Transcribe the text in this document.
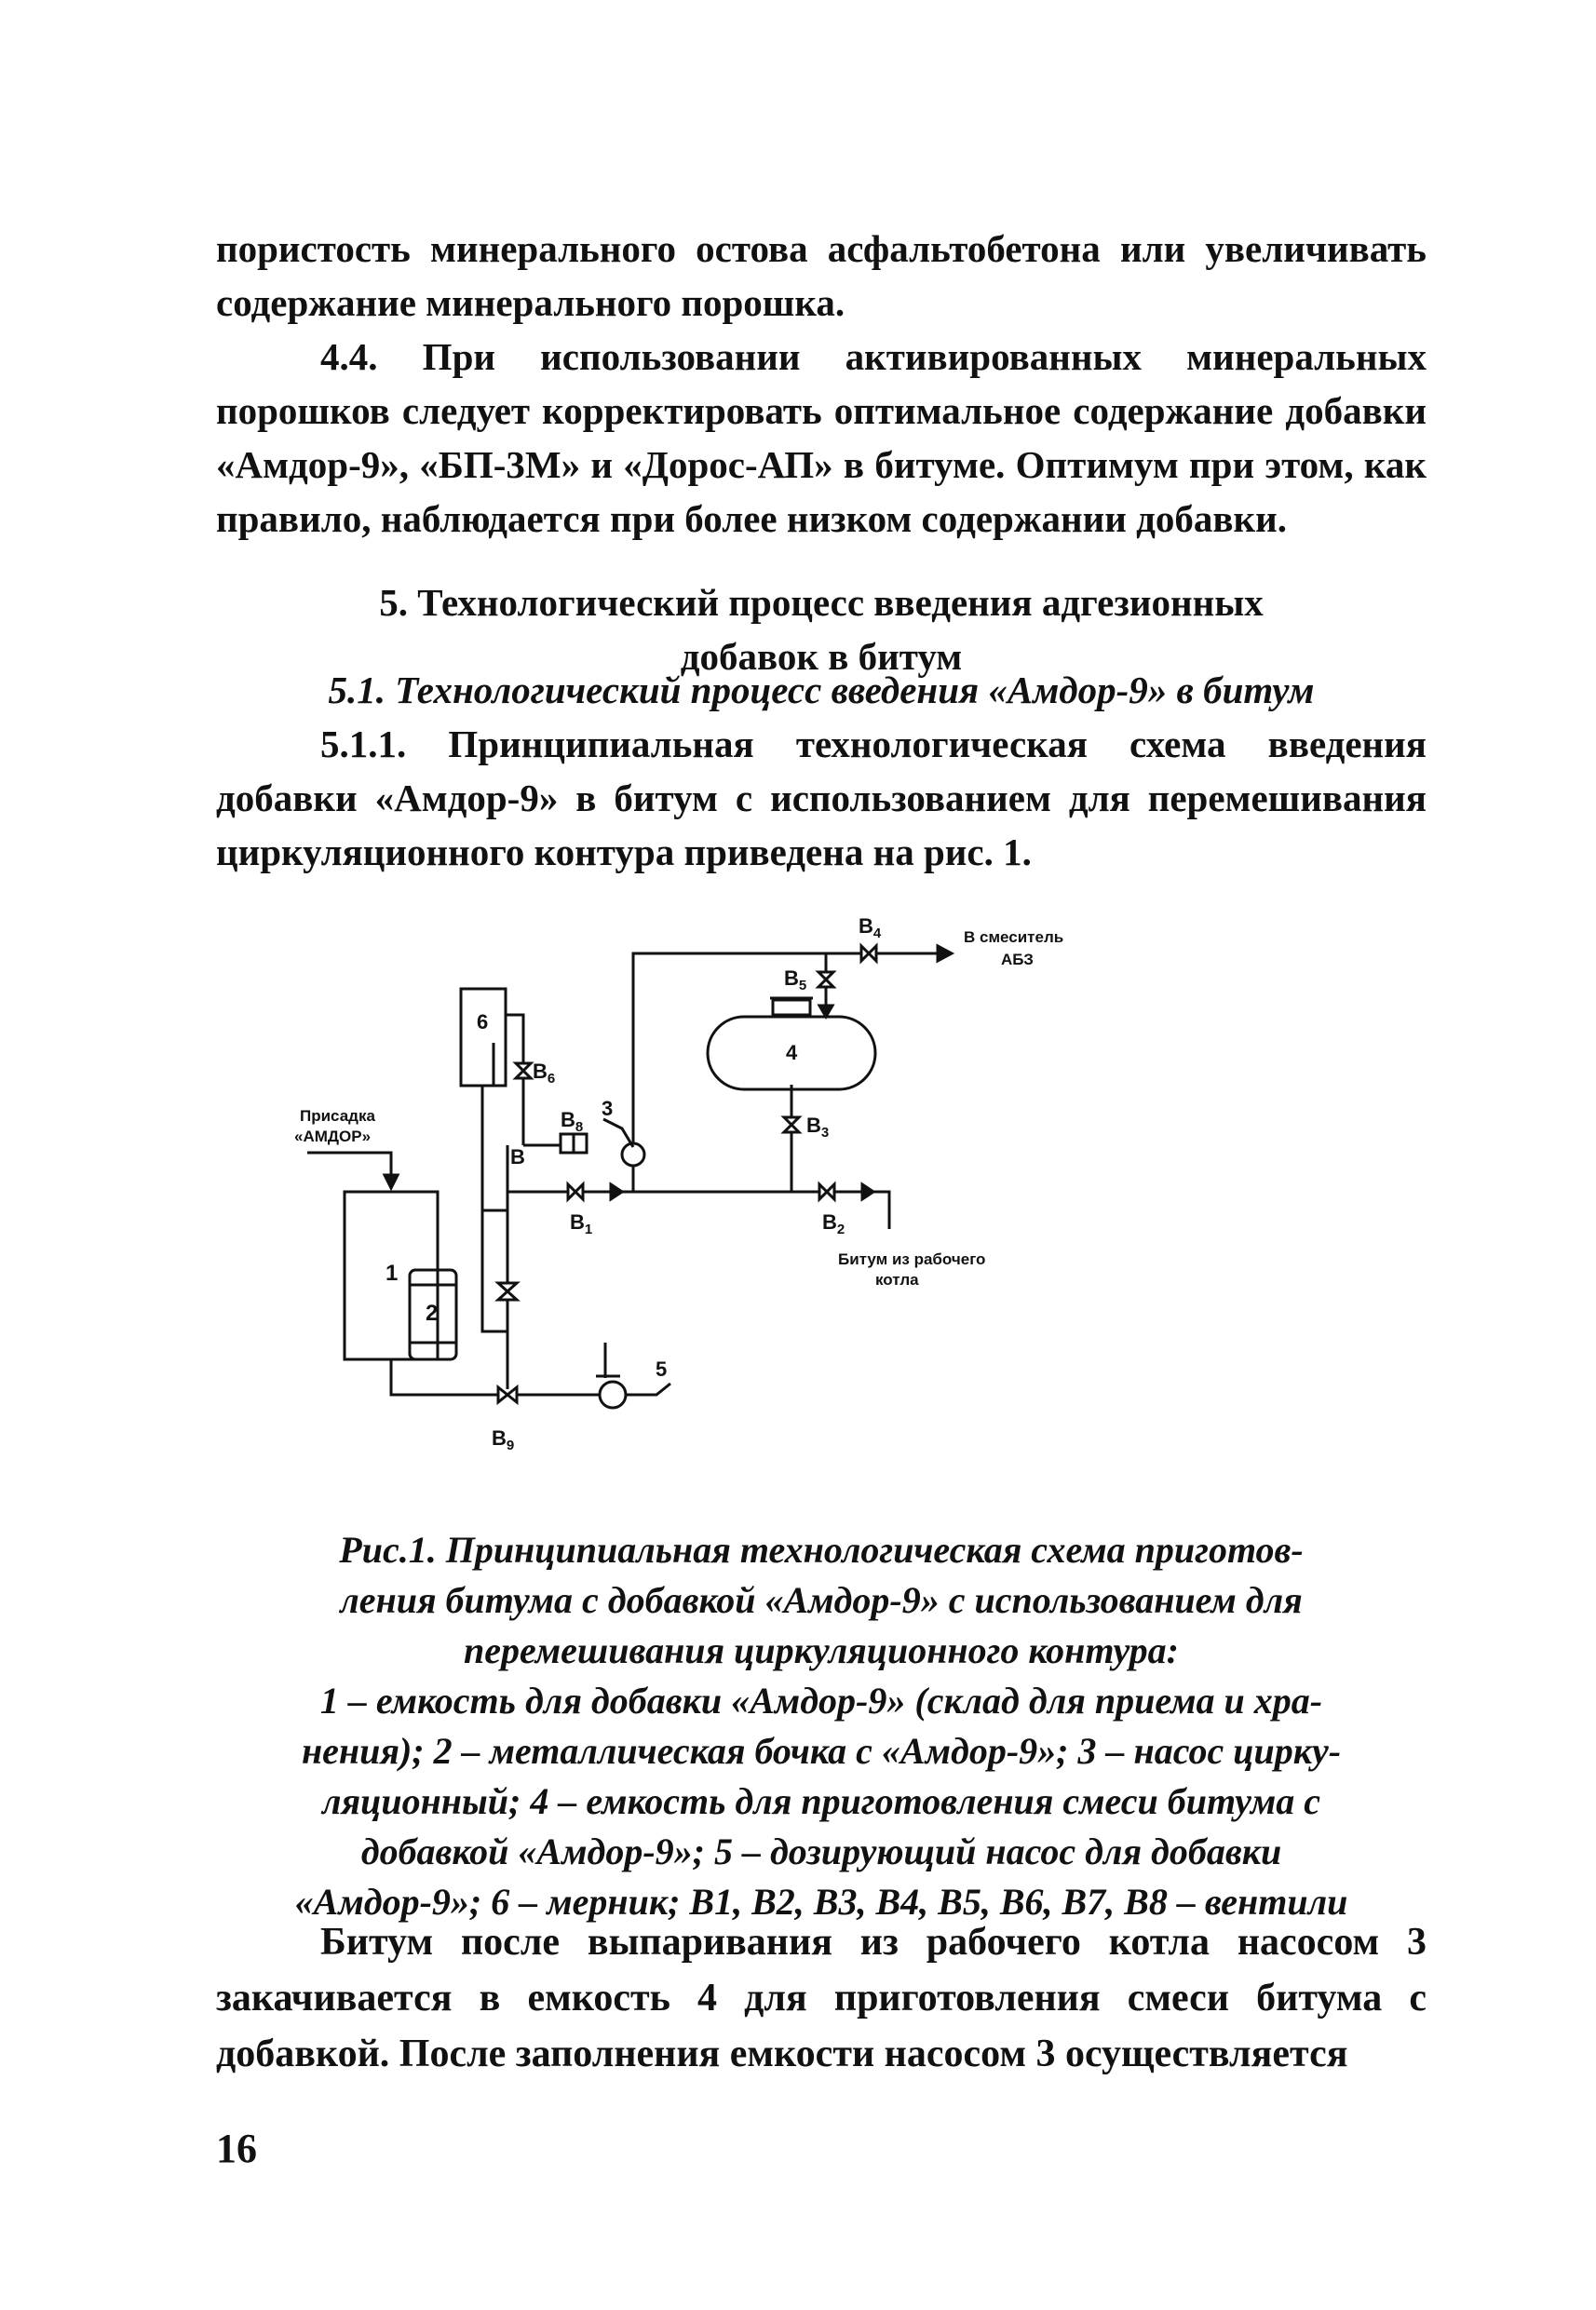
пористость минерального остова асфальтобетона или увеличивать содержание минерального порошка.

4.4. При использовании активированных минеральных порошков следует корректировать оптимальное содержание добавки «Амдор-9», «БП-3М» и «Дорос-АП» в битуме. Оптимум при этом, как правило, наблюдается при более низком содержании добавки.

5. Технологический процесс введения адгезионных
добавок в битум
5.1. Технологический процесс введения «Амдор-9» в битум

5.1.1. Принципиальная технологическая схема введения добавки «Амдор-9» в битум с использованием для перемешивания циркуляционного контура приведена на рис. 1.

1
2
3
4
5
6
Присадка
«АМДОР»
В смеситель
АБЗ
Битум из рабочего
котла
$B_1$	$B_2$
$B_3$
$B_4$
$B_5$
$B_6$
B
$B_8$
$B_9$
Рис.1. Принципиальная технологическая схема приготов-
ления битума с добавкой «Амдор-9» с использованием для
перемешивания циркуляционного контура:
1 – емкость для добавки «Амдор-9» (склад для приема и хра-
нения); 2 – металлическая бочка с «Амдор-9»; 3 – насос цирку-
ляционный; 4 – емкость для приготовления смеси битума с
добавкой «Амдор-9»; 5 – дозирующий насос для добавки
«Амдор-9»; 6 – мерник; B1, B2, B3, B4, B5, B6, B7, B8 – вентили

Битум после выпаривания из рабочего котла насосом 3 закачивается в емкость 4 для приготовления смеси битума с добавкой. После заполнения емкости насосом 3 осуществляется

16
